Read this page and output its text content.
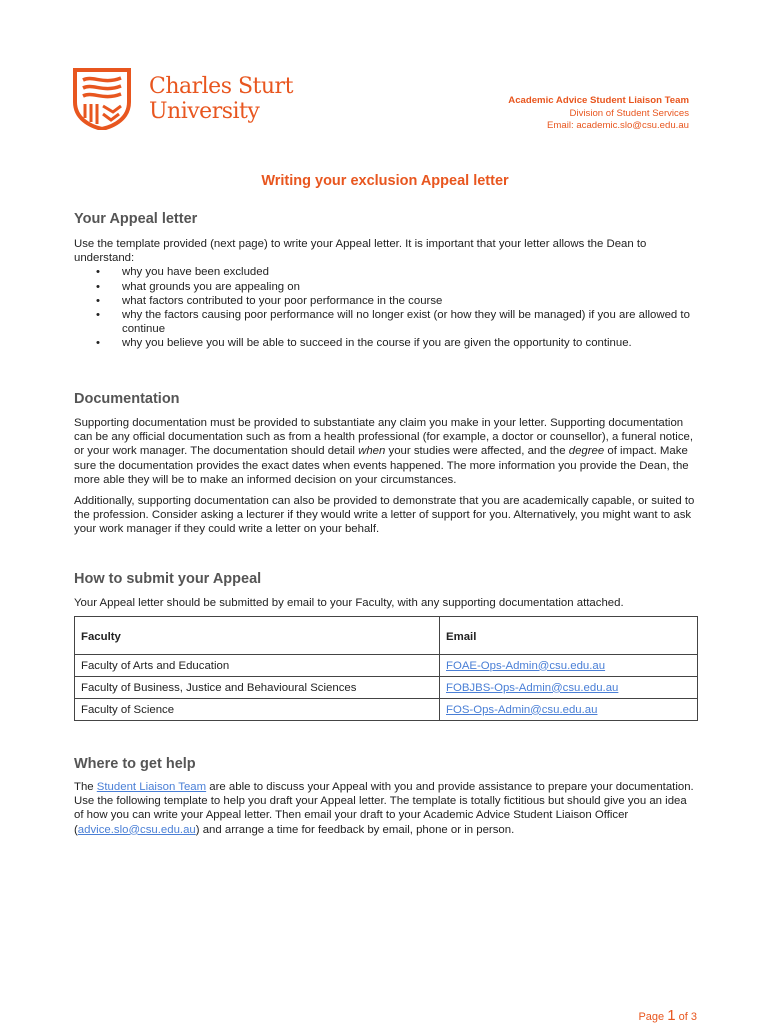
Charles Sturt
University	Academic Advice Student Liaison Team
Division of Student Services
Email: academic.slo@csu.edu.au
Writing your exclusion Appeal letter
Your Appeal letter

Use the template provided (next page) to write your Appeal letter. It is important that your letter allows the Dean to understand:

• why you have been excluded
• what grounds you are appealing on
• what factors contributed to your poor performance in the course
• why the factors causing poor performance will no longer exist (or how they will be managed) if you are allowed to continue
• why you believe you will be able to succeed in the course if you are given the opportunity to continue.
Documentation

Supporting documentation must be provided to substantiate any claim you make in your letter. Supporting documentation can be any official documentation such as from a health professional (for example, a doctor or counsellor), a funeral notice, or your work manager. The documentation should detail when your studies were affected, and the degree of impact. Make sure the documentation provides the exact dates when events happened. The more information you provide the Dean, the more able they will be to make an informed decision on your circumstances.

Additionally, supporting documentation can also be provided to demonstrate that you are academically capable, or suited to the profession. Consider asking a lecturer if they would write a letter of support for you. Alternatively, you might want to ask your work manager if they could write a letter on your behalf.

How to submit your Appeal

Your Appeal letter should be submitted by email to your Faculty, with any supporting documentation attached.

Faculty	Email
Faculty of Arts and Education	FOAE-Ops-Admin@csu.edu.au
Faculty of Business, Justice and Behavioural Sciences	FOBJBS-Ops-Admin@csu.edu.au
Faculty of Science	FOS-Ops-Admin@csu.edu.au
Where to get help

The Student Liaison Team are able to discuss your Appeal with you and provide assistance to prepare your documentation. Use the following template to help you draft your Appeal letter. The template is totally fictitious but should give you an idea of how you can write your Appeal letter. Then email your draft to your Academic Advice Student Liaison Officer (advice.slo@csu.edu.au) and arrange a time for feedback by email, phone or in person.

Page 1 of 3
